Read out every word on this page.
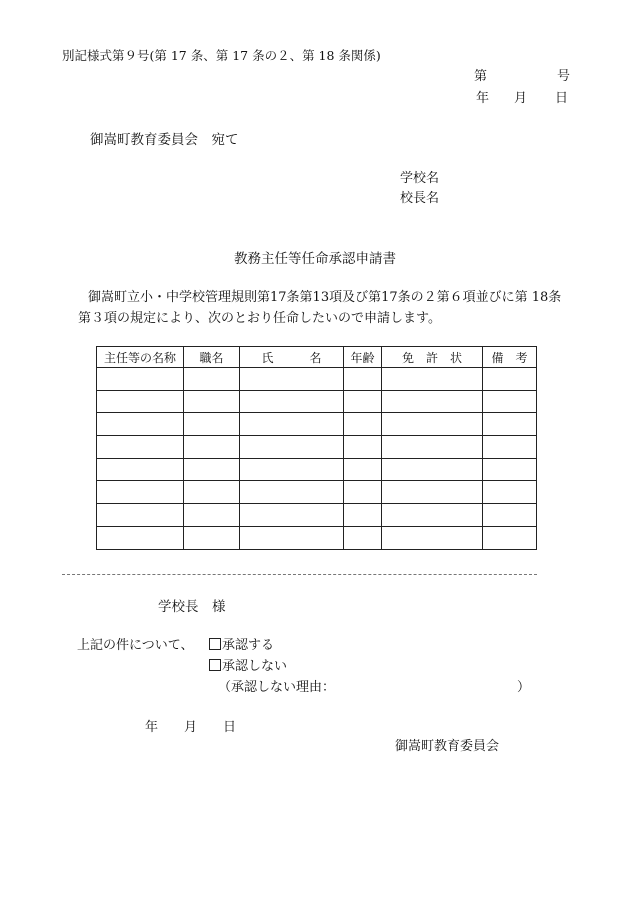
別記様式第９号(第 17 条、第 17 条の２、第 18 条関係)
第	号
年 月 日
御嵩町教育委員会　宛て
学校名
校長名
教務主任等任命承認申請書
御嵩町立小・中学校管理規則第17条第13項及び第17条の２第６項並びに第 18条
第３項の規定により、次のとおり任命したいので申請します。
主任等の名称	職名	氏　　　名	年齢	免　許　状	備　考

学校長　様
上記の件について、	承認する
承認しない
（承認しない理由：	）
年 月 日
御嵩町教育委員会
